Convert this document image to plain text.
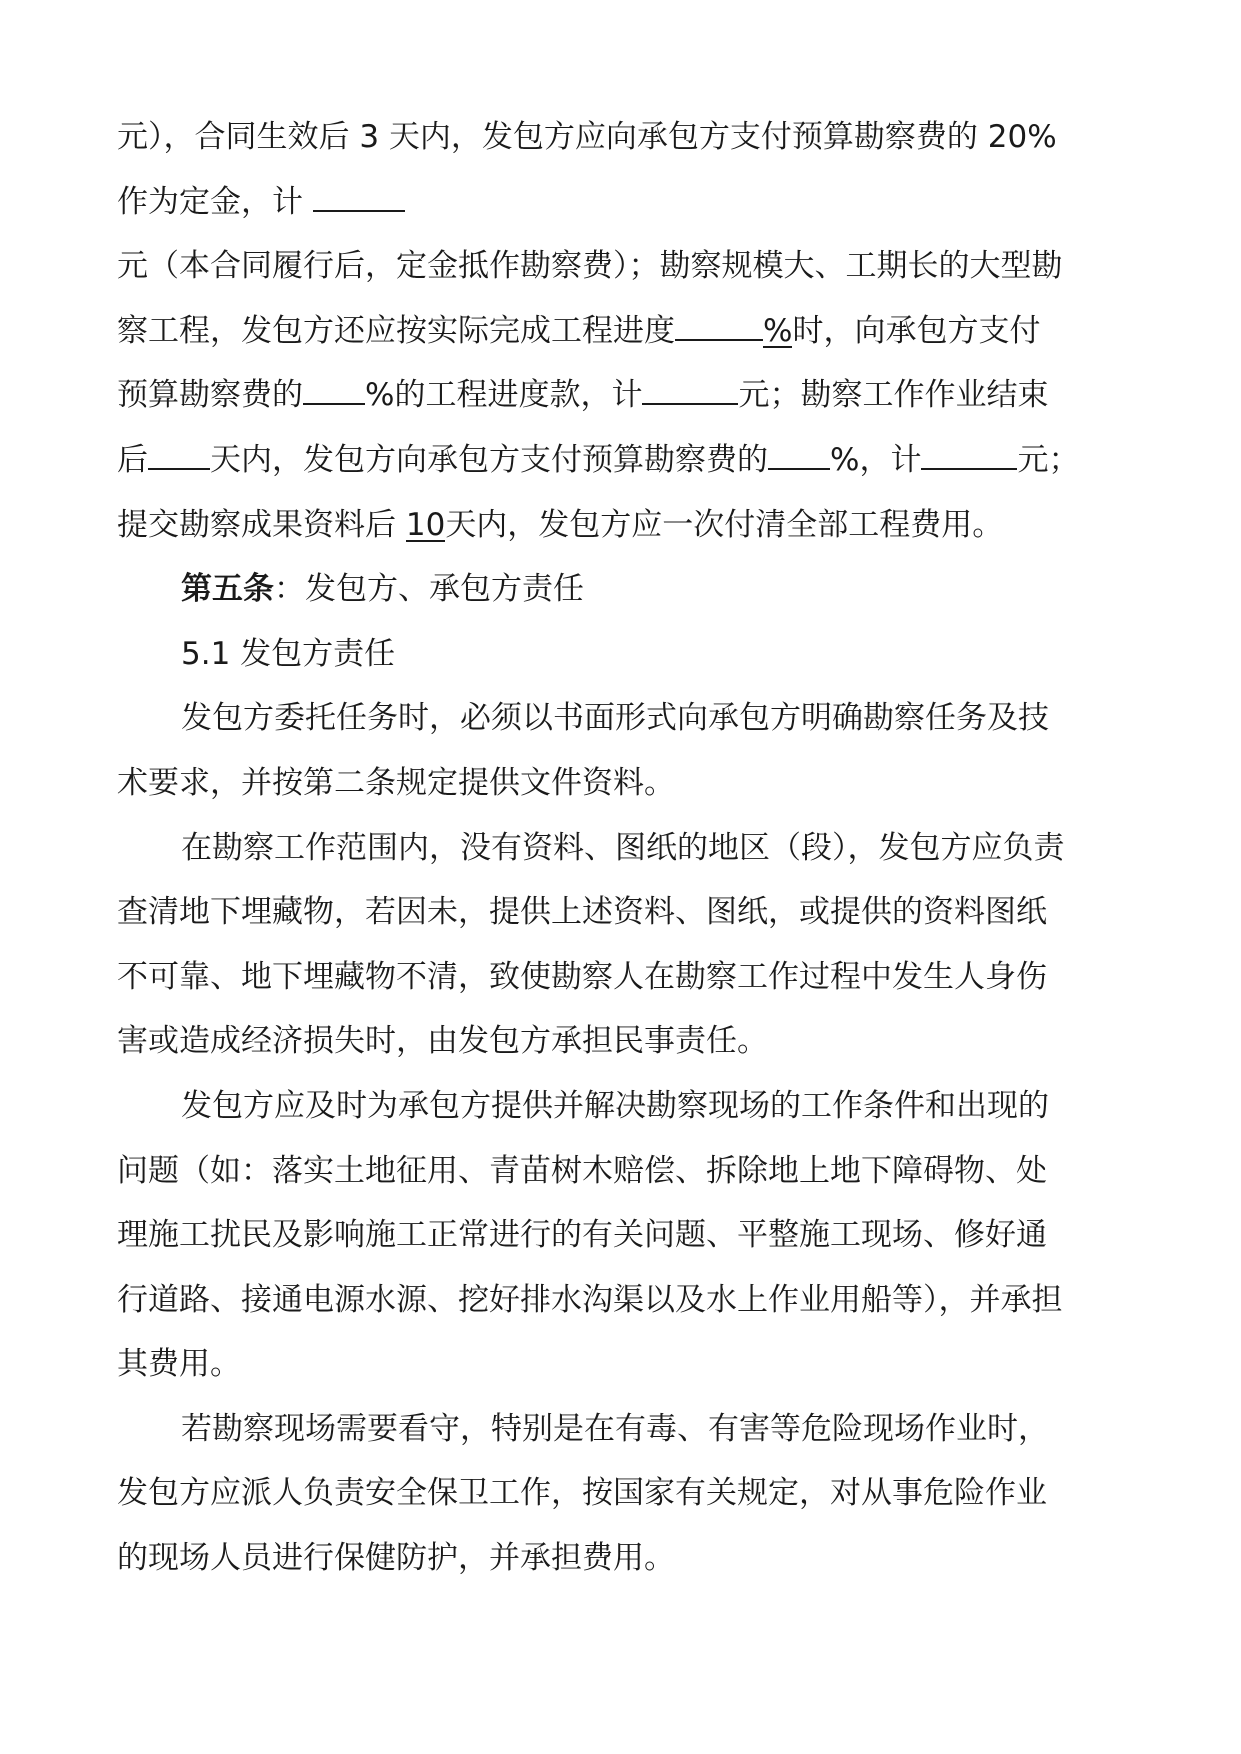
元），合同生效后 3 天内，发包方应向承包方支付预算勘察费的 20%
作为定金，计
元（本合同履行后，定金抵作勘察费）；勘察规模大、工期长的大型勘
察工程，发包方还应按实际完成工程进度	%时，向承包方支付
预算勘察费的 %的工程进度款，计	元；勘察工作作业结束
后 天内，发包方向承包方支付预算勘察费的 %，计	元；
提交勘察成果资料后 10天内，发包方应一次付清全部工程费用。
第五条：发包方、承包方责任
5.1 发包方责任
发包方委托任务时，必须以书面形式向承包方明确勘察任务及技
术要求，并按第二条规定提供文件资料。
在勘察工作范围内，没有资料、图纸的地区（段），发包方应负责
查清地下埋藏物，若因未，提供上述资料、图纸，或提供的资料图纸
不可靠、地下埋藏物不清，致使勘察人在勘察工作过程中发生人身伤
害或造成经济损失时，由发包方承担民事责任。
发包方应及时为承包方提供并解决勘察现场的工作条件和出现的
问题（如：落实土地征用、青苗树木赔偿、拆除地上地下障碍物、处
理施工扰民及影响施工正常进行的有关问题、平整施工现场、修好通
行道路、接通电源水源、挖好排水沟渠以及水上作业用船等），并承担
其费用。
若勘察现场需要看守，特别是在有毒、有害等危险现场作业时，
发包方应派人负责安全保卫工作，按国家有关规定，对从事危险作业
的现场人员进行保健防护，并承担费用。
